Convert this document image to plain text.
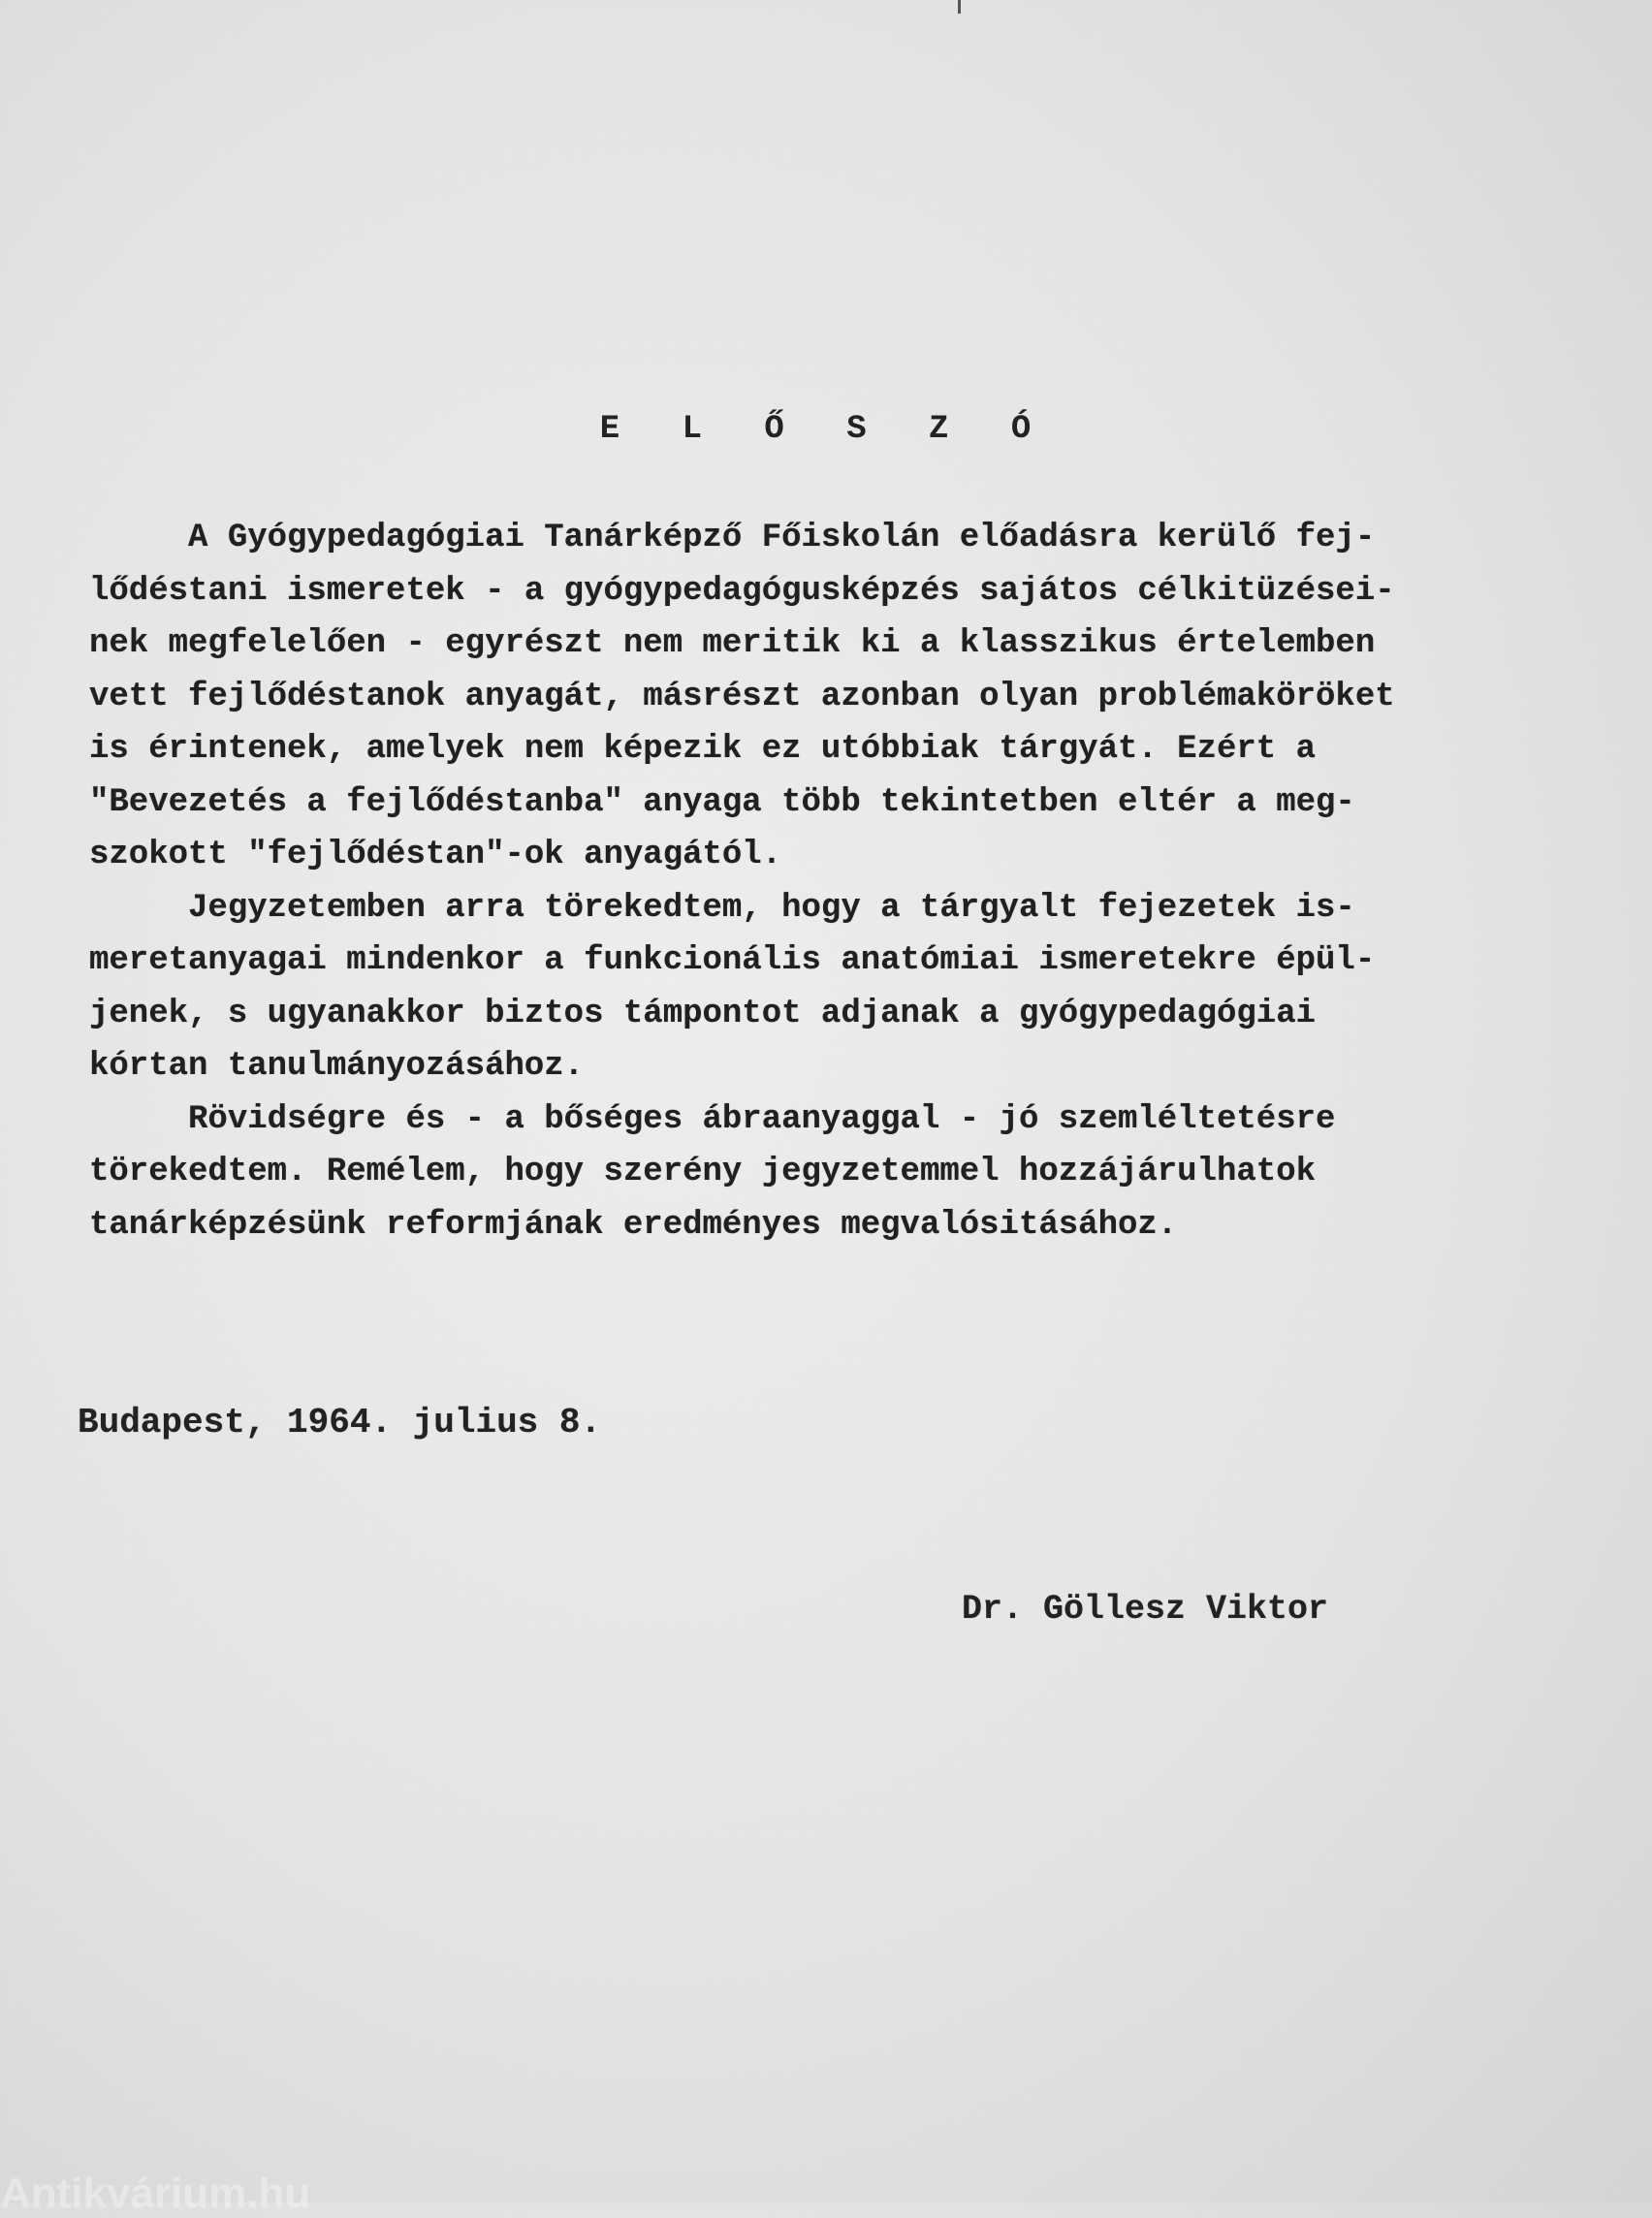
E L Ő S Z Ó
A Gyógypedagógiai Tanárképző Főiskolán előadásra kerülő fej-
lődéstani ismeretek - a gyógypedagógusképzés sajátos célkitüzései-
nek megfelelően - egyrészt nem meritik ki a klasszikus értelemben
vett fejlődéstanok anyagát, másrészt azonban olyan problémaköröket
is érintenek, amelyek nem képezik ez utóbbiak tárgyát. Ezért a
"Bevezetés a fejlődéstanba" anyaga több tekintetben eltér a meg-
szokott "fejlődéstan"-ok anyagától.
Jegyzetemben arra törekedtem, hogy a tárgyalt fejezetek is-
meretanyagai mindenkor a funkcionális anatómiai ismeretekre épül-
jenek, s ugyanakkor biztos támpontot adjanak a gyógypedagógiai
kórtan tanulmányozásához.
Rövidségre és - a bőséges ábraanyaggal - jó szemléltetésre
törekedtem. Remélem, hogy szerény jegyzetemmel hozzájárulhatok
tanárképzésünk reformjának eredményes megvalósitásához.
Budapest, 1964. julius 8.
Dr. Göllesz Viktor
Antikvárium.hu
